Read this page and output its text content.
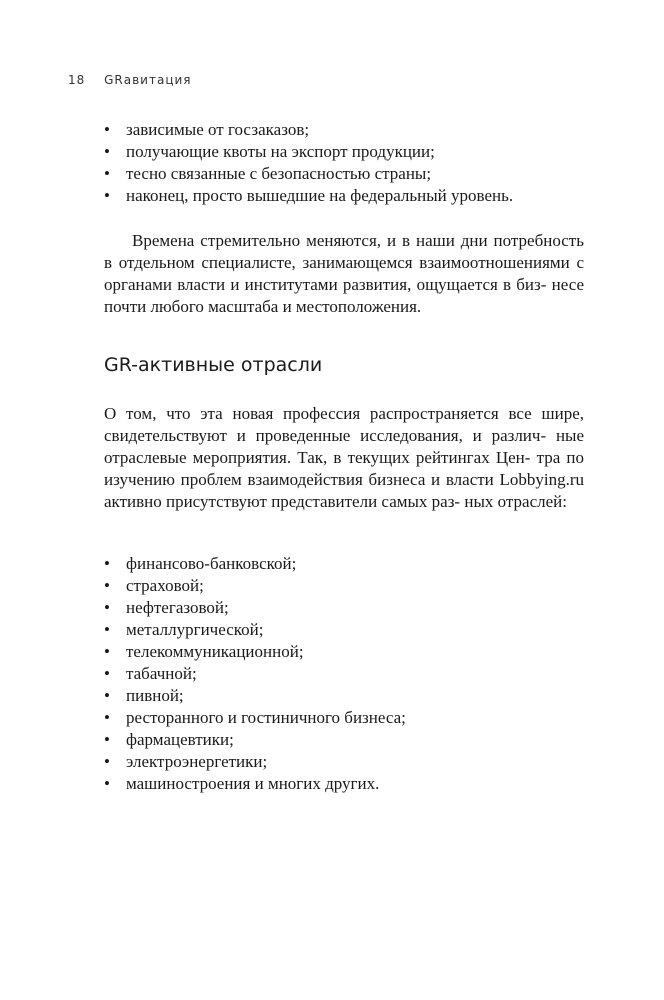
18 GRавитация
• зависимые от госзаказов;
• получающие квоты на экспорт продукции;
• тесно связанные с безопасностью страны;
• наконец, просто вышедшие на федеральный уровень.

Времена стремительно меняются, и в наши дни потребность в отдельном специалисте, занимающемся взаимоотношениями с органами власти и институтами развития, ощущается в биз- несе почти любого масштаба и местоположения.

GR-активные отрасли

О том, что эта новая профессия распространяется все шире, свидетельствуют и проведенные исследования, и различ- ные отраслевые мероприятия. Так, в текущих рейтингах Цен- тра по изучению проблем взаимодействия бизнеса и власти Lobbying.ru активно присутствуют представители самых раз- ных отраслей:

• финансово-банковской;
• страховой;
• нефтегазовой;
• металлургической;
• телекоммуникационной;
• табачной;
• пивной;
• ресторанного и гостиничного бизнеса;
• фармацевтики;
• электроэнергетики;
• машиностроения и многих других.
